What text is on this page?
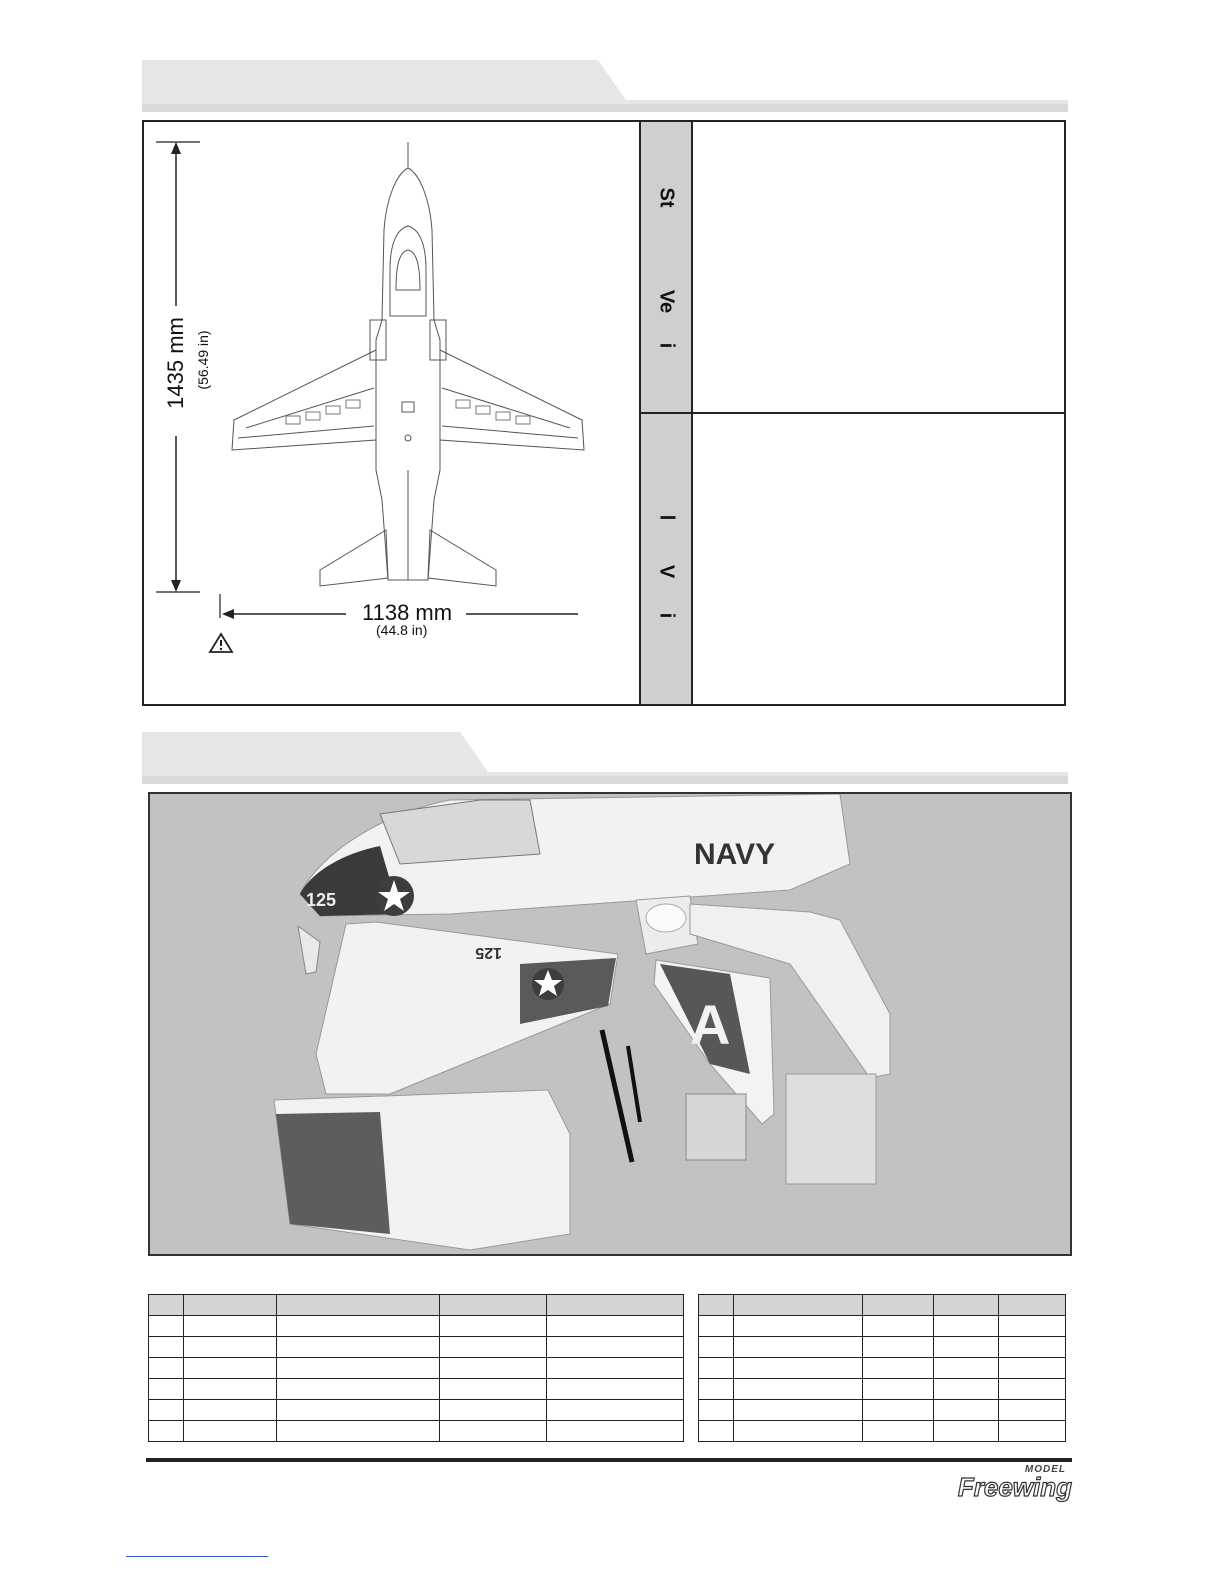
1435 mm (56.49 in)
1138 mm
(44.8 in)
St
Ve
i
l
V
i
NAVY
125
125
A

MODEL
Freewing
